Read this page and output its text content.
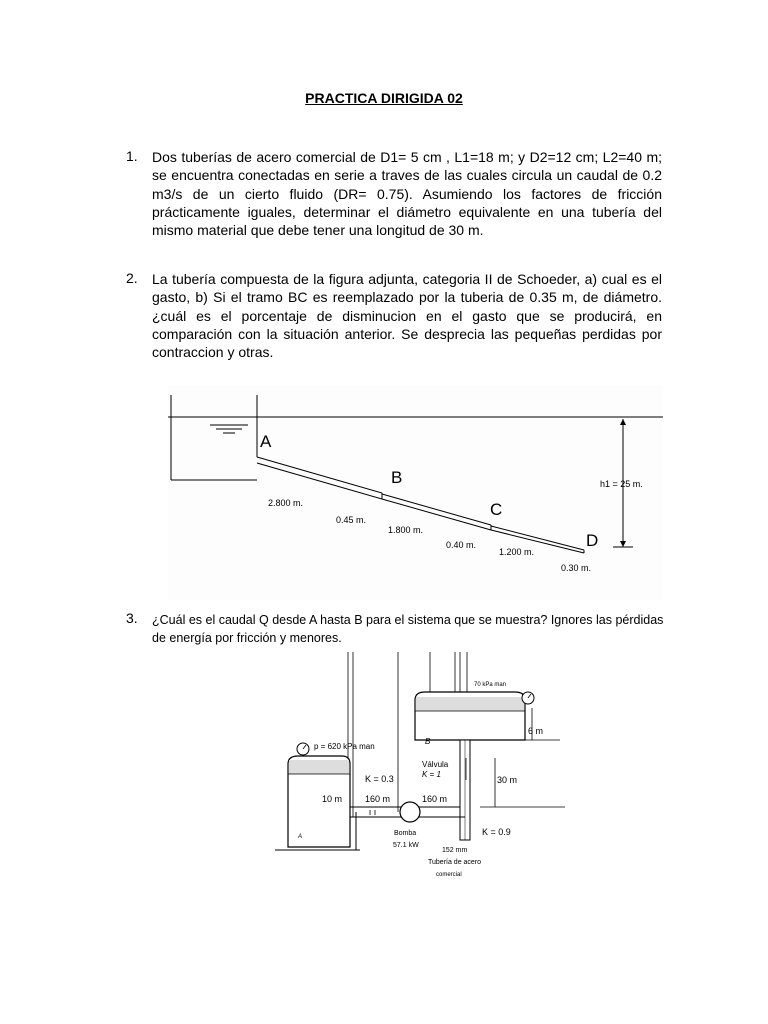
PRACTICA DIRIGIDA 02
1. Dos tuberías de acero comercial de D1= 5 cm , L1=18 m; y D2=12 cm; L2=40 m; se encuentra conectadas en serie a traves de las cuales circula un caudal de 0.2 m3/s de un cierto fluido (DR= 0.75). Asumiendo los factores de fricción prácticamente iguales, determinar el diámetro equivalente en una tubería del mismo material que debe tener una longitud de 30 m.
2. La tubería compuesta de la figura adjunta, categoria II de Schoeder, a) cual es el gasto, b) Si el tramo BC es reemplazado por la tuberia de 0.35 m, de diámetro. ¿cuál es el porcentaje de disminucion en el gasto que se producirá, en comparación con la situación anterior. Se desprecia las pequeñas perdidas por contraccion y otras.
A
B
C
D
2.800 m.
0.45 m.
1.800 m.
0.40 m.
1.200 m.
0.30 m.
h1 = 25 m.
3. ¿Cuál es el caudal Q desde A hasta B para el sistema que se muestra? Ignores las pérdidas de energía por fricción y menores.
70 kPa man
B
6 m
30 m
Válvula
K = 1
p = 620 kPa man
A
10 m
K = 0.3
160 m	160 m
Bomba
57.1 kW
K = 0.9
152 mm
Tubería de acero
comercial
